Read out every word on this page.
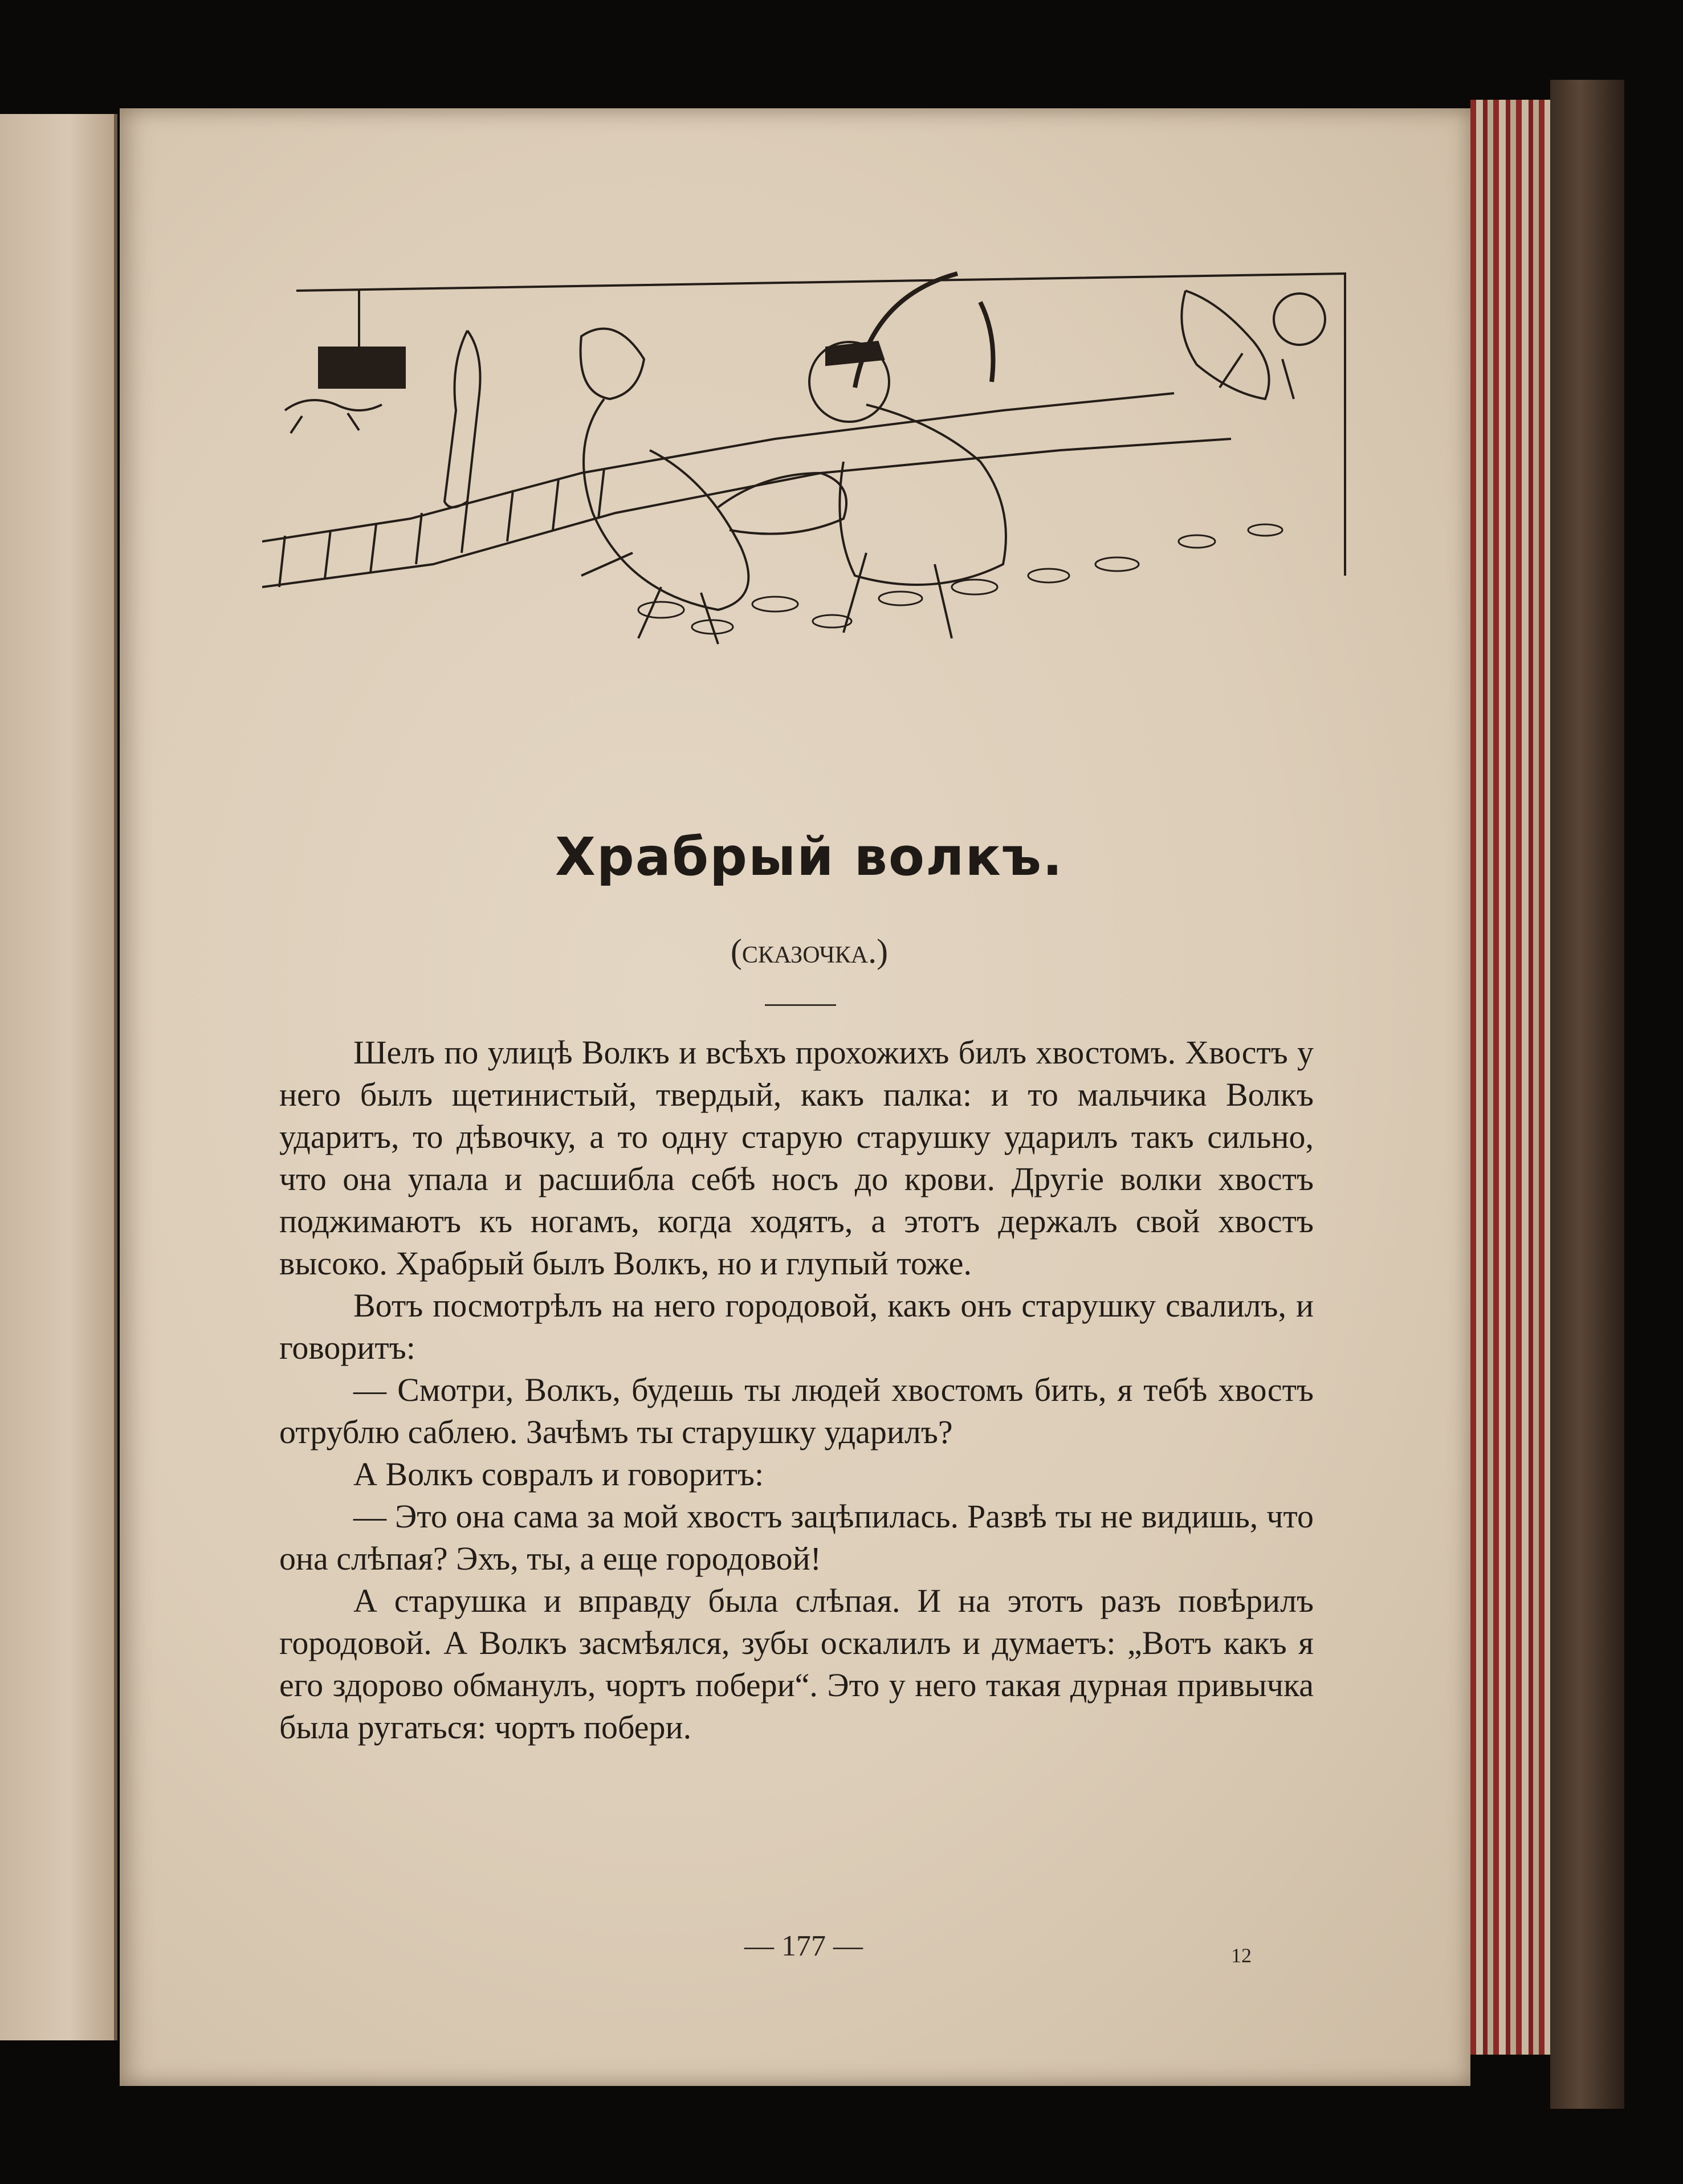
Храбрый волкъ.
(сказочка.)

Шелъ по улицѣ Волкъ и всѣхъ прохожихъ билъ хвостомъ. Хвостъ у него былъ щетинистый, твердый, какъ палка: и то мальчика Волкъ ударитъ, то дѣвочку, а то одну старую старушку ударилъ такъ сильно, что она упала и расшибла себѣ носъ до крови. Другіе волки хвостъ поджимаютъ къ ногамъ, когда ходятъ, а этотъ держалъ свой хвостъ высоко. Храбрый былъ Волкъ, но и глупый тоже.

Вотъ посмотрѣлъ на него городовой, какъ онъ старушку свалилъ, и говоритъ:

— Смотри, Волкъ, будешь ты людей хвостомъ бить, я тебѣ хвостъ отрублю саблею. Зачѣмъ ты старушку ударилъ?

А Волкъ совралъ и говоритъ:

— Это она сама за мой хвостъ зацѣпилась. Развѣ ты не видишь, что она слѣпая? Эхъ, ты, а еще городовой!

А старушка и вправду была слѣпая. И на этотъ разъ повѣрилъ городовой. А Волкъ засмѣялся, зубы оскалилъ и думаетъ: „Вотъ какъ я его здорово обманулъ, чортъ побери“. Это у него такая дурная привычка была ругаться: чортъ побери.

— 177 —	12
